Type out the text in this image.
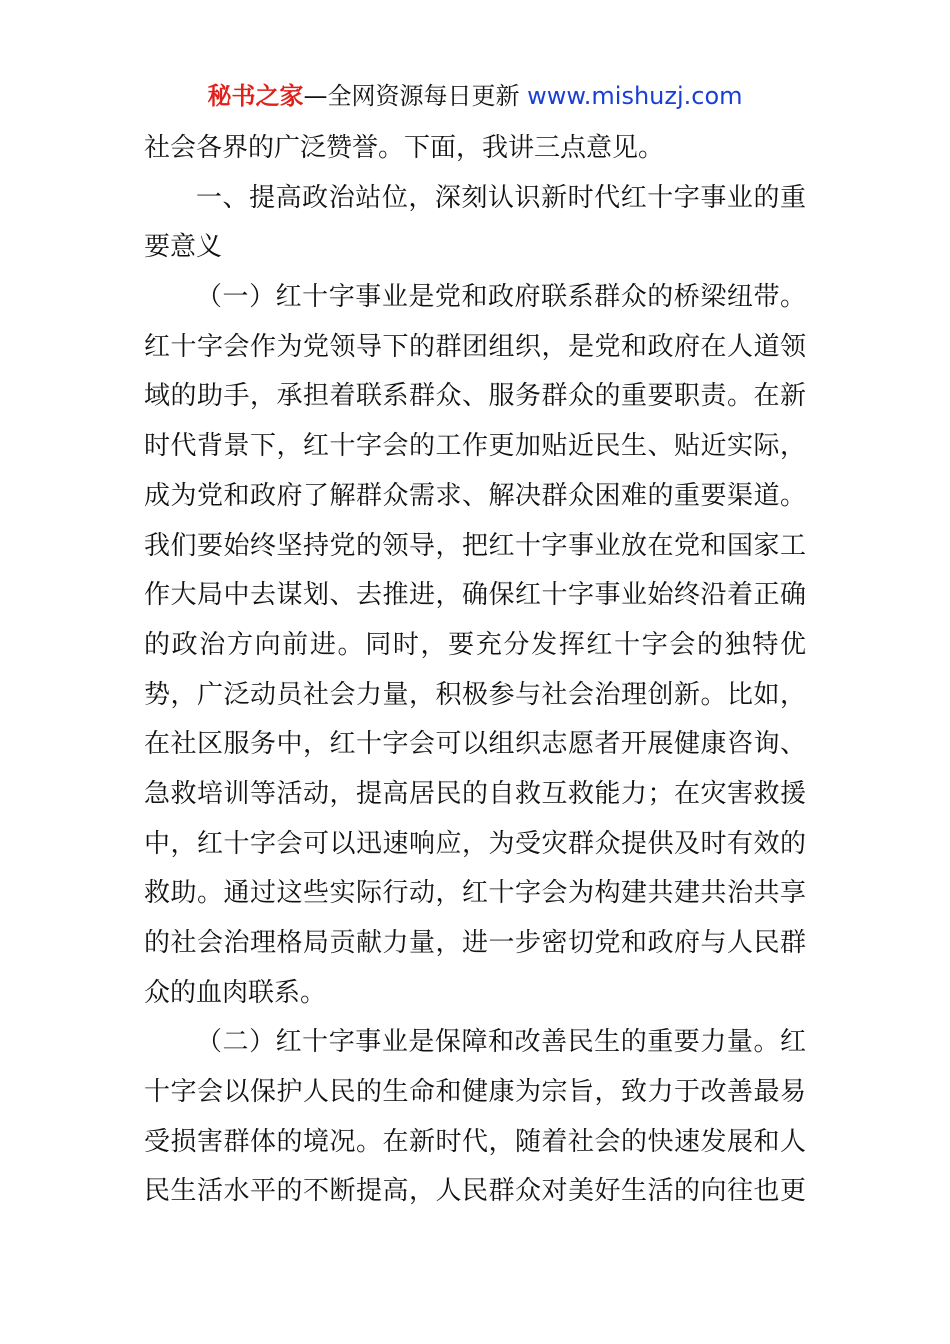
秘书之家—全网资源每日更新 www.mishuzj.com
社会各界的广泛赞誉。下面，我讲三点意见。
一、提高政治站位，深刻认识新时代红十字事业的重
要意义
（一）红十字事业是党和政府联系群众的桥梁纽带。
红十字会作为党领导下的群团组织，是党和政府在人道领
域的助手，承担着联系群众、服务群众的重要职责。在新
时代背景下，红十字会的工作更加贴近民生、贴近实际，
成为党和政府了解群众需求、解决群众困难的重要渠道。
我们要始终坚持党的领导，把红十字事业放在党和国家工
作大局中去谋划、去推进，确保红十字事业始终沿着正确
的政治方向前进。同时，要充分发挥红十字会的独特优
势，广泛动员社会力量，积极参与社会治理创新。比如，
在社区服务中，红十字会可以组织志愿者开展健康咨询、
急救培训等活动，提高居民的自救互救能力；在灾害救援
中，红十字会可以迅速响应，为受灾群众提供及时有效的
救助。通过这些实际行动，红十字会为构建共建共治共享
的社会治理格局贡献力量，进一步密切党和政府与人民群
众的血肉联系。
（二）红十字事业是保障和改善民生的重要力量。红
十字会以保护人民的生命和健康为宗旨，致力于改善最易
受损害群体的境况。在新时代，随着社会的快速发展和人
民生活水平的不断提高，人民群众对美好生活的向往也更
